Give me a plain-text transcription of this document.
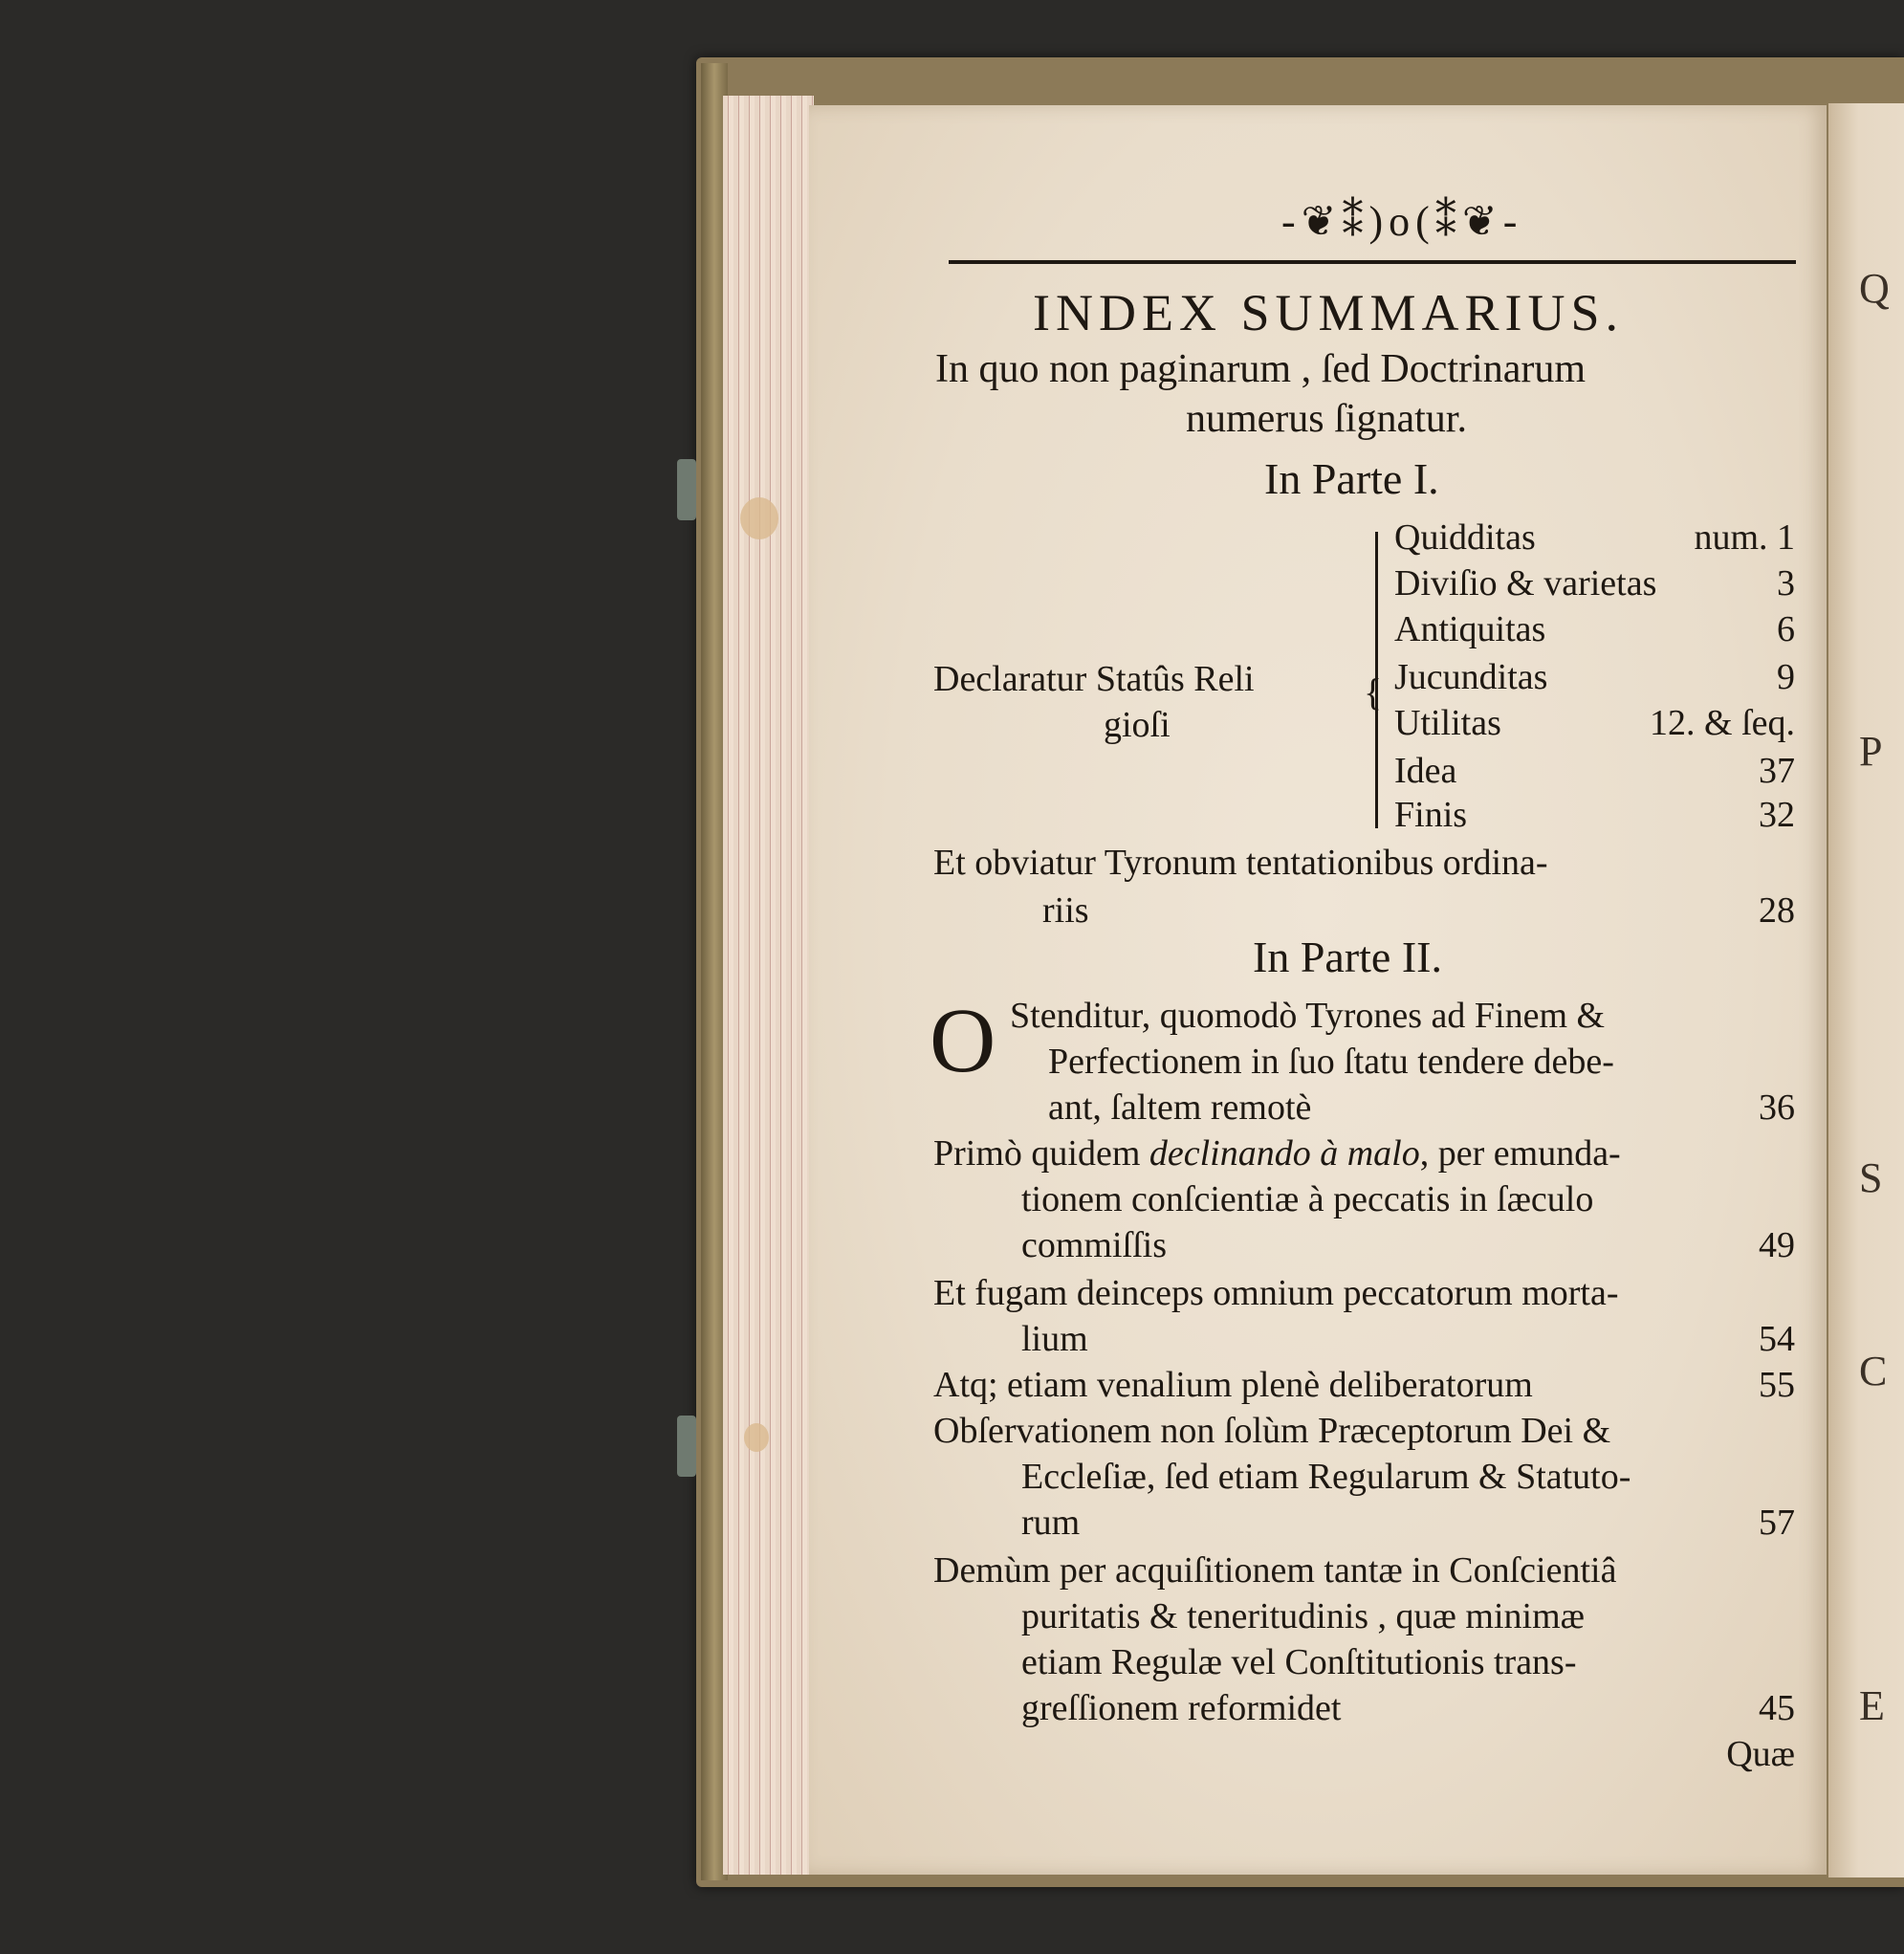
Q
P
S
C
E
-❦⁑)o(⁑❦-
INDEX SUMMARIUS.
In quo non paginarum , ſed Doctrinarum
numerus ſignatur.
In Parte I.
{
Declaratur Statûs Reli
gioſi
Quidditas	num. 1
Diviſio & varietas	3
Antiquitas	6
Jucunditas	9
Utilitas	12. & ſeq.
Idea	37
Finis	32
Et obviatur Tyronum tentationibus ordina-
riis	28
In Parte II.
O Stenditur, quomodò Tyrones ad Finem &
Perfectionem in ſuo ſtatu tendere debe-
ant, ſaltem remotè	36
Primò quidem declinando à malo, per emunda-
tionem conſcientiæ à peccatis in ſæculo
commiſſis	49
Et fugam deinceps omnium peccatorum morta-
lium	54
Atq; etiam venalium plenè deliberatorum	55
Obſervationem non ſolùm Præceptorum Dei &
Eccleſiæ, ſed etiam Regularum & Statuto-
rum	57
Demùm per acquiſitionem tantæ in Conſcientiâ
puritatis & teneritudinis , quæ minimæ
etiam Regulæ vel Conſtitutionis trans-
greſſionem reformidet	45
Quæ
